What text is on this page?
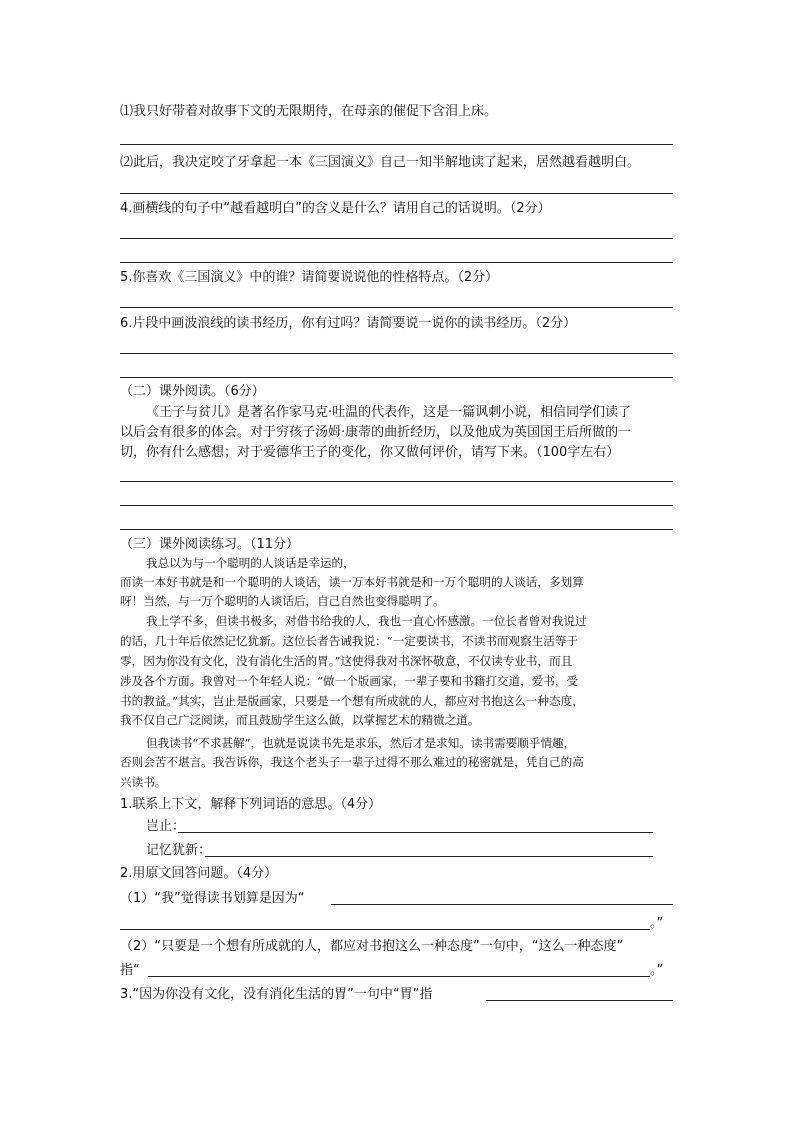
⑴我只好带着对故事下文的无限期待，在母亲的催促下含泪上床。
⑵此后，我决定咬了牙拿起一本《三国演义》自己一知半解地读了起来，居然越看越明白。
4.画横线的句子中“越看越明白”的含义是什么？请用自己的话说明。（2分）
5.你喜欢《三国演义》中的谁？请简要说说他的性格特点。（2分）
6.片段中画波浪线的读书经历，你有过吗？请简要说一说你的读书经历。（2分）
（二）课外阅读。（6分）
《王子与贫儿》是著名作家马克·吐温的代表作，这是一篇讽刺小说，相信同学们读了
以后会有很多的体会。对于穷孩子汤姆·康蒂的曲折经历，以及他成为英国国王后所做的一
切，你有什么感想；对于爱德华王子的变化，你又做何评价，请写下来。（100字左右）
（三）课外阅读练习。（11分）
我总以为与一个聪明的人谈话是幸运的，
而读一本好书就是和一个聪明的人谈话，读一万本好书就是和一万个聪明的人谈话，多划算
呀！当然，与一万个聪明的人谈话后，自己自然也变得聪明了。
我上学不多，但读书极多，对借书给我的人，我也一直心怀感激。一位长者曾对我说过
的话，几十年后依然记忆犹新。这位长者告诫我说：“一定要读书，不读书而观察生活等于
零，因为你没有文化，没有消化生活的胃。”这使得我对书深怀敬意，不仅读专业书，而且
涉及各个方面。我曾对一个年轻人说：“做一个版画家，一辈子要和书籍打交道，爱书，受
书的教益。”其实，岂止是版画家，只要是一个想有所成就的人，都应对书抱这么一种态度，
我不仅自己广泛阅读，而且鼓励学生这么做，以掌握艺术的精微之道。
但我读书“不求甚解”，也就是说读书先是求乐，然后才是求知。读书需要顺乎情趣，
否则会苦不堪言。我告诉你，我这个老头子一辈子过得不那么难过的秘密就是，凭自己的高
兴读书。
1.联系上下文，解释下列词语的意思。（4分）
岂止：
记忆犹新：
2.用原文回答问题。（4分）
（1）“我”觉得读书划算是因为“
。”
（2）“只要是一个想有所成就的人，都应对书抱这么一种态度”一句中，“这么一种态度”
指“	。”
3.“因为你没有文化，没有消化生活的胃”一句中“胃”指
